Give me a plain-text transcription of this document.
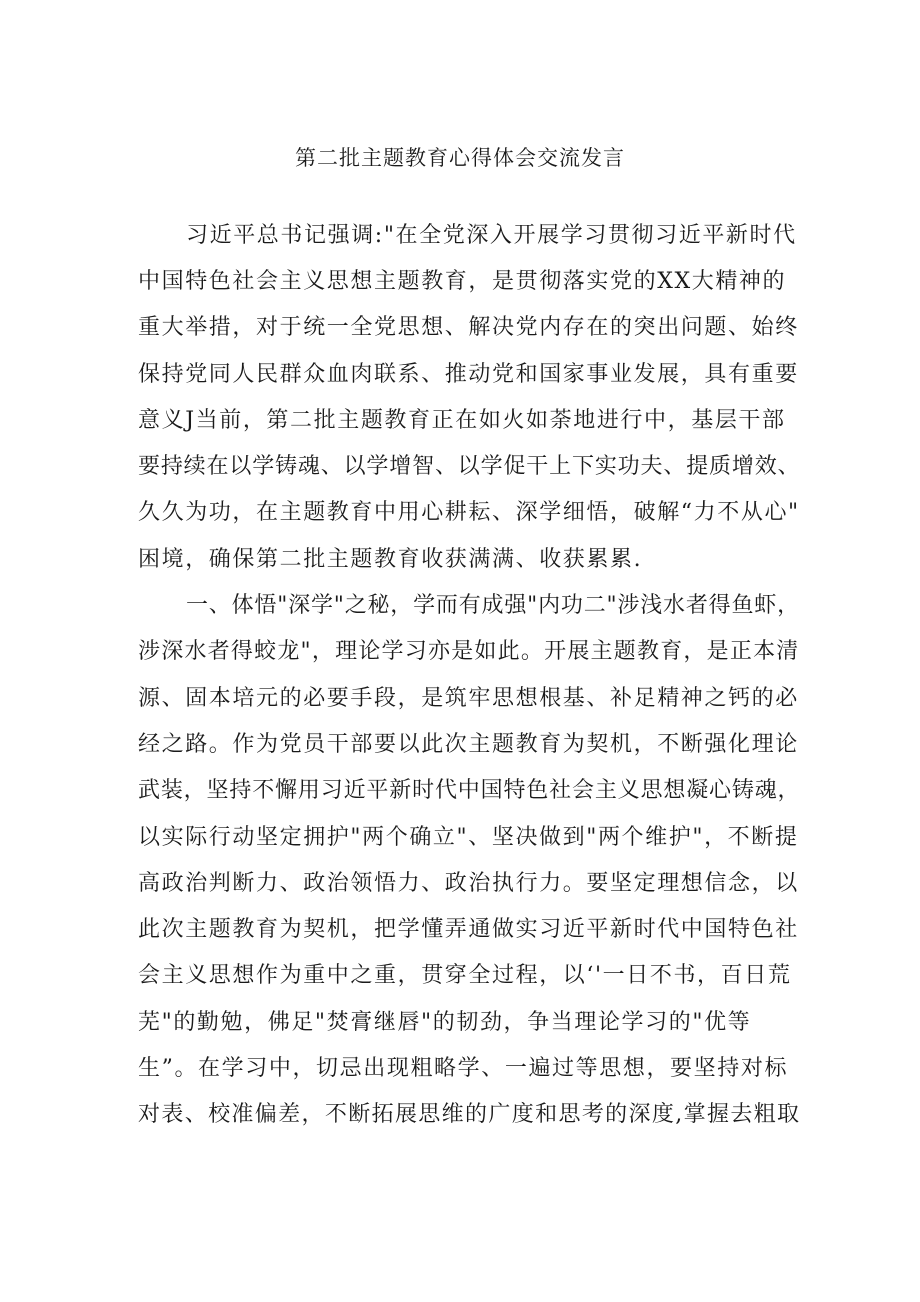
第二批主题教育心得体会交流发言
习近平总书记强调:"在全党深入开展学习贯彻习近平新时代
中国特色社会主义思想主题教育，是贯彻落实党的XX大精神的
重大举措，对于统一全党思想、解决党内存在的突出问题、始终
保持党同人民群众血肉联系、推动党和国家事业发展，具有重要
意义J当前，第二批主题教育正在如火如荼地进行中，基层干部
要持续在以学铸魂、以学增智、以学促干上下实功夫、提质增效、
久久为功，在主题教育中用心耕耘、深学细悟，破解“力不从心"
困境，确保第二批主题教育收获满满、收获累累.
一、体悟"深学"之秘，学而有成强"内功二"涉浅水者得鱼虾，
涉深水者得蛟龙"，理论学习亦是如此。开展主题教育，是正本清
源、固本培元的必要手段，是筑牢思想根基、补足精神之钙的必
经之路。作为党员干部要以此次主题教育为契机，不断强化理论
武装，坚持不懈用习近平新时代中国特色社会主义思想凝心铸魂，
以实际行动坚定拥护"两个确立"、坚决做到"两个维护"，不断提
高政治判断力、政治领悟力、政治执行力。要坚定理想信念，以
此次主题教育为契机，把学懂弄通做实习近平新时代中国特色社
会主义思想作为重中之重，贯穿全过程，以‘'一日不书，百日荒
芜"的勤勉，佛足"焚膏继唇"的韧劲，争当理论学习的"优等
生”。在学习中，切忌出现粗略学、一遍过等思想，要坚持对标
对表、校准偏差，不断拓展思维的广度和思考的深度,掌握去粗取
